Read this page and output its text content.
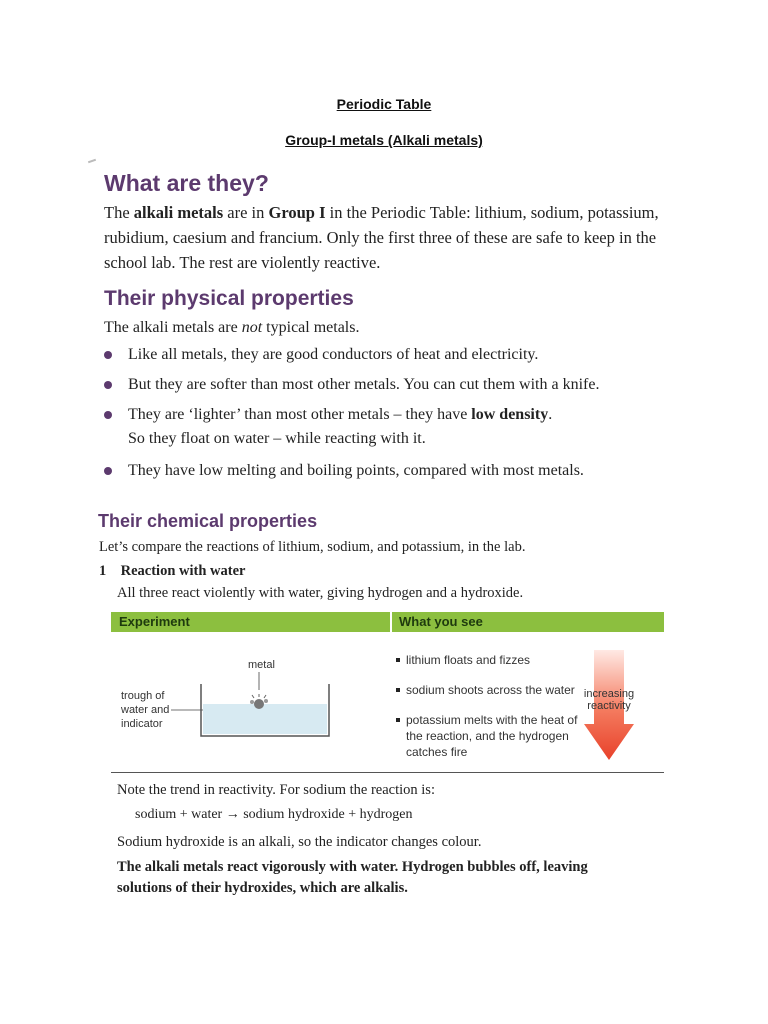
Periodic Table
Group-I metals (Alkali metals)
What are they?

The alkali metals are in Group I in the Periodic Table: lithium, sodium, potassium, rubidium, caesium and francium. Only the first three of these are safe to keep in the school lab. The rest are violently reactive.

Their physical properties

The alkali metals are not typical metals.

Like all metals, they are good conductors of heat and electricity.
But they are softer than most other metals. You can cut them with a knife.
They are ‘lighter’ than most other metals – they have low density.
So they float on water – while reacting with it.
They have low melting and boiling points, compared with most metals.
Their chemical properties

Let’s compare the reactions of lithium, sodium, and potassium, in the lab.

1 Reaction with water

All three react violently with water, giving hydrogen and a hydroxide.

Experiment	What you see
metal
trough of
water and
indicator
lithium floats and fizzes
sodium shoots across the water
potassium melts with the heat of the reaction, and the hydrogen catches fire
increasing
reactivity

Note the trend in reactivity. For sodium the reaction is:

sodium + water → sodium hydroxide + hydrogen

Sodium hydroxide is an alkali, so the indicator changes colour.

The alkali metals react vigorously with water. Hydrogen bubbles off, leaving solutions of their hydroxides, which are alkalis.
